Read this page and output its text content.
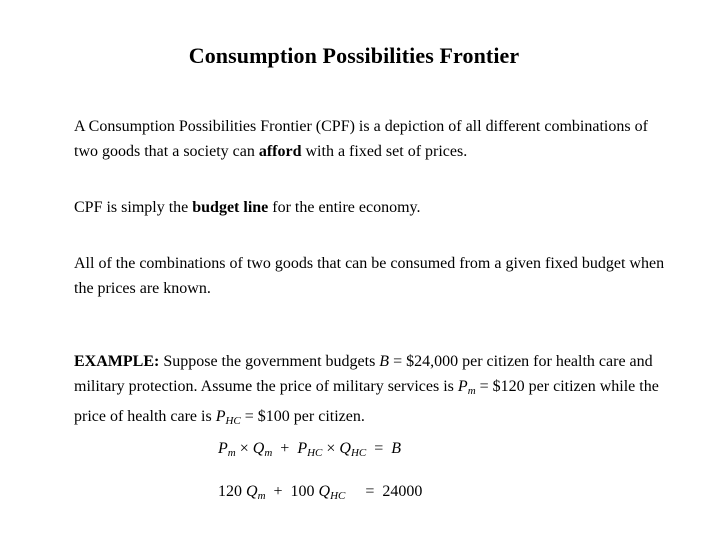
Consumption Possibilities Frontier
A Consumption Possibilities Frontier (CPF) is a depiction of all different combinations of two goods that a society can afford with a fixed set of prices.
CPF is simply the budget line for the entire economy.
All of the combinations of two goods that can be consumed from a given fixed budget when the prices are known.
EXAMPLE: Suppose the government budgets B = $24,000 per citizen for health care and military protection. Assume the price of military services is $P_m$ = $120 per citizen while the price of health care is $P_{HC}$ = $100 per citizen.
$P_m \times Q_m + P_{HC} \times Q_{HC} = B$
120 $Q_m + 100$ $Q_{HC}$     =  24000
